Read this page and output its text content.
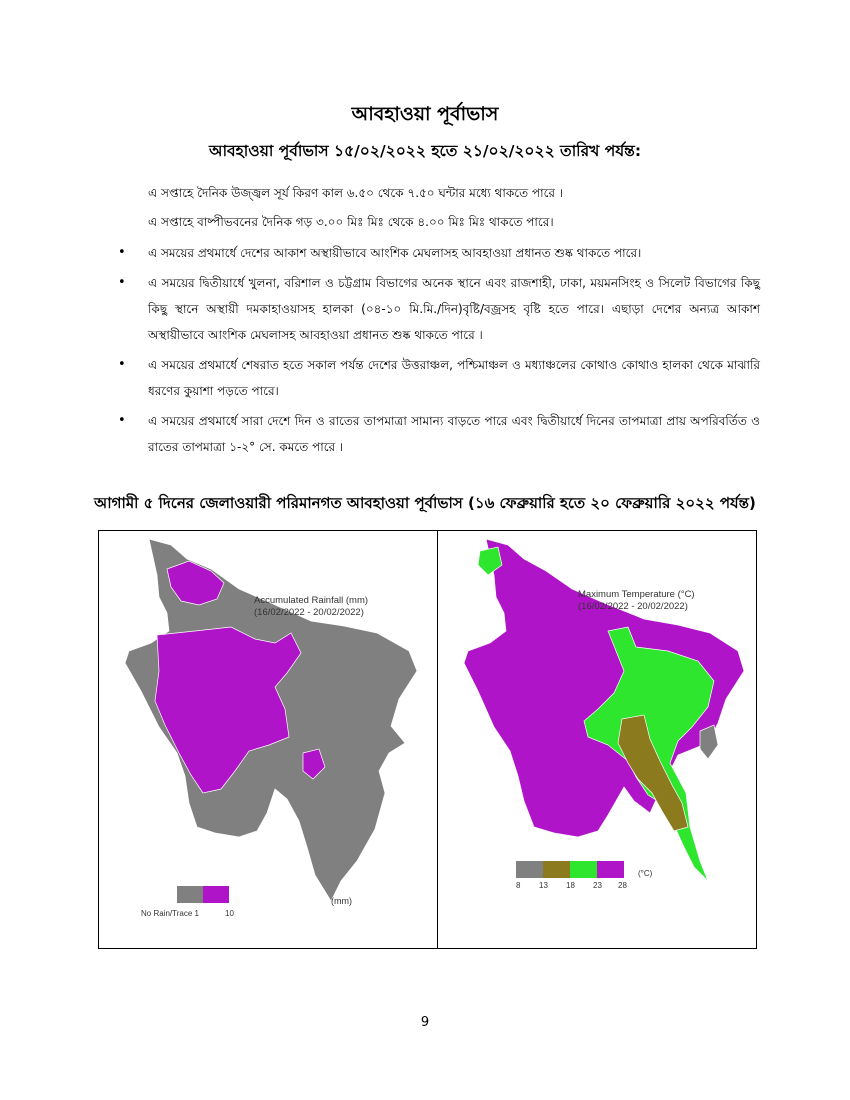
আবহাওয়া পূর্বাভাস
আবহাওয়া পূর্বাভাস ১৫/০২/২০২২ হতে ২১/০২/২০২২ তারিখ পর্যন্ত:
এ সপ্তাহে দৈনিক উজ্জ্বল সূর্য কিরণ কাল ৬.৫০ থেকে ৭.৫০ ঘন্টার মধ্যে থাকতে পারে ।
এ সপ্তাহে বাষ্পীভবনের দৈনিক গড় ৩.০০ মিঃ মিঃ থেকে ৪.০০ মিঃ মিঃ থাকতে পারে।
• এ সময়ের প্রথমার্ধে দেশের আকাশ অস্থায়ীভাবে আংশিক মেঘলাসহ আবহাওয়া প্রধানত শুষ্ক থাকতে পারে।
• এ সময়ের দ্বিতীয়ার্ধে খুলনা, বরিশাল ও চট্টগ্রাম বিভাগের অনেক স্থানে এবং রাজশাহী, ঢাকা, ময়মনসিংহ ও সিলেট বিভাগের কিছু কিছু স্থানে অস্থায়ী দমকাহাওয়াসহ হালকা (০৪-১০ মি.মি./দিন)বৃষ্টি/বজ্রসহ বৃষ্টি হতে পারে। এছাড়া দেশের অন্যত্র আকাশ অস্থায়ীভাবে আংশিক মেঘলাসহ আবহাওয়া প্রধানত শুষ্ক থাকতে পারে ।
• এ সময়ের প্রথমার্ধে শেষরাত হতে সকাল পর্যন্ত দেশের উত্তরাঞ্চল, পশ্চিমাঞ্চল ও মধ্যাঞ্চলের কোথাও কোথাও হালকা থেকে মাঝারি ধরণের কুয়াশা পড়তে পারে।
• এ সময়ের প্রথমার্ধে সারা দেশে দিন ও রাতের তাপমাত্রা সামান্য বাড়তে পারে এবং দ্বিতীয়ার্ধে দিনের তাপমাত্রা প্রায় অপরিবর্তিত ও রাতের তাপমাত্রা ১-২° সে. কমতে পারে ।
আগামী ৫ দিনের জেলাওয়ারী পরিমানগত আবহাওয়া পূর্বাভাস (১৬ ফেব্রুয়ারি হতে ২০ ফেব্রুয়ারি ২০২২ পর্যন্ত)
Accumulated Rainfall (mm)
(16/02/2022 - 20/02/2022)
No Rain/Trace 1	10
(mm)
Maximum Temperature (°C)
(16/02/2022 - 20/02/2022)
8 13 18 23 28
(°C)
9
